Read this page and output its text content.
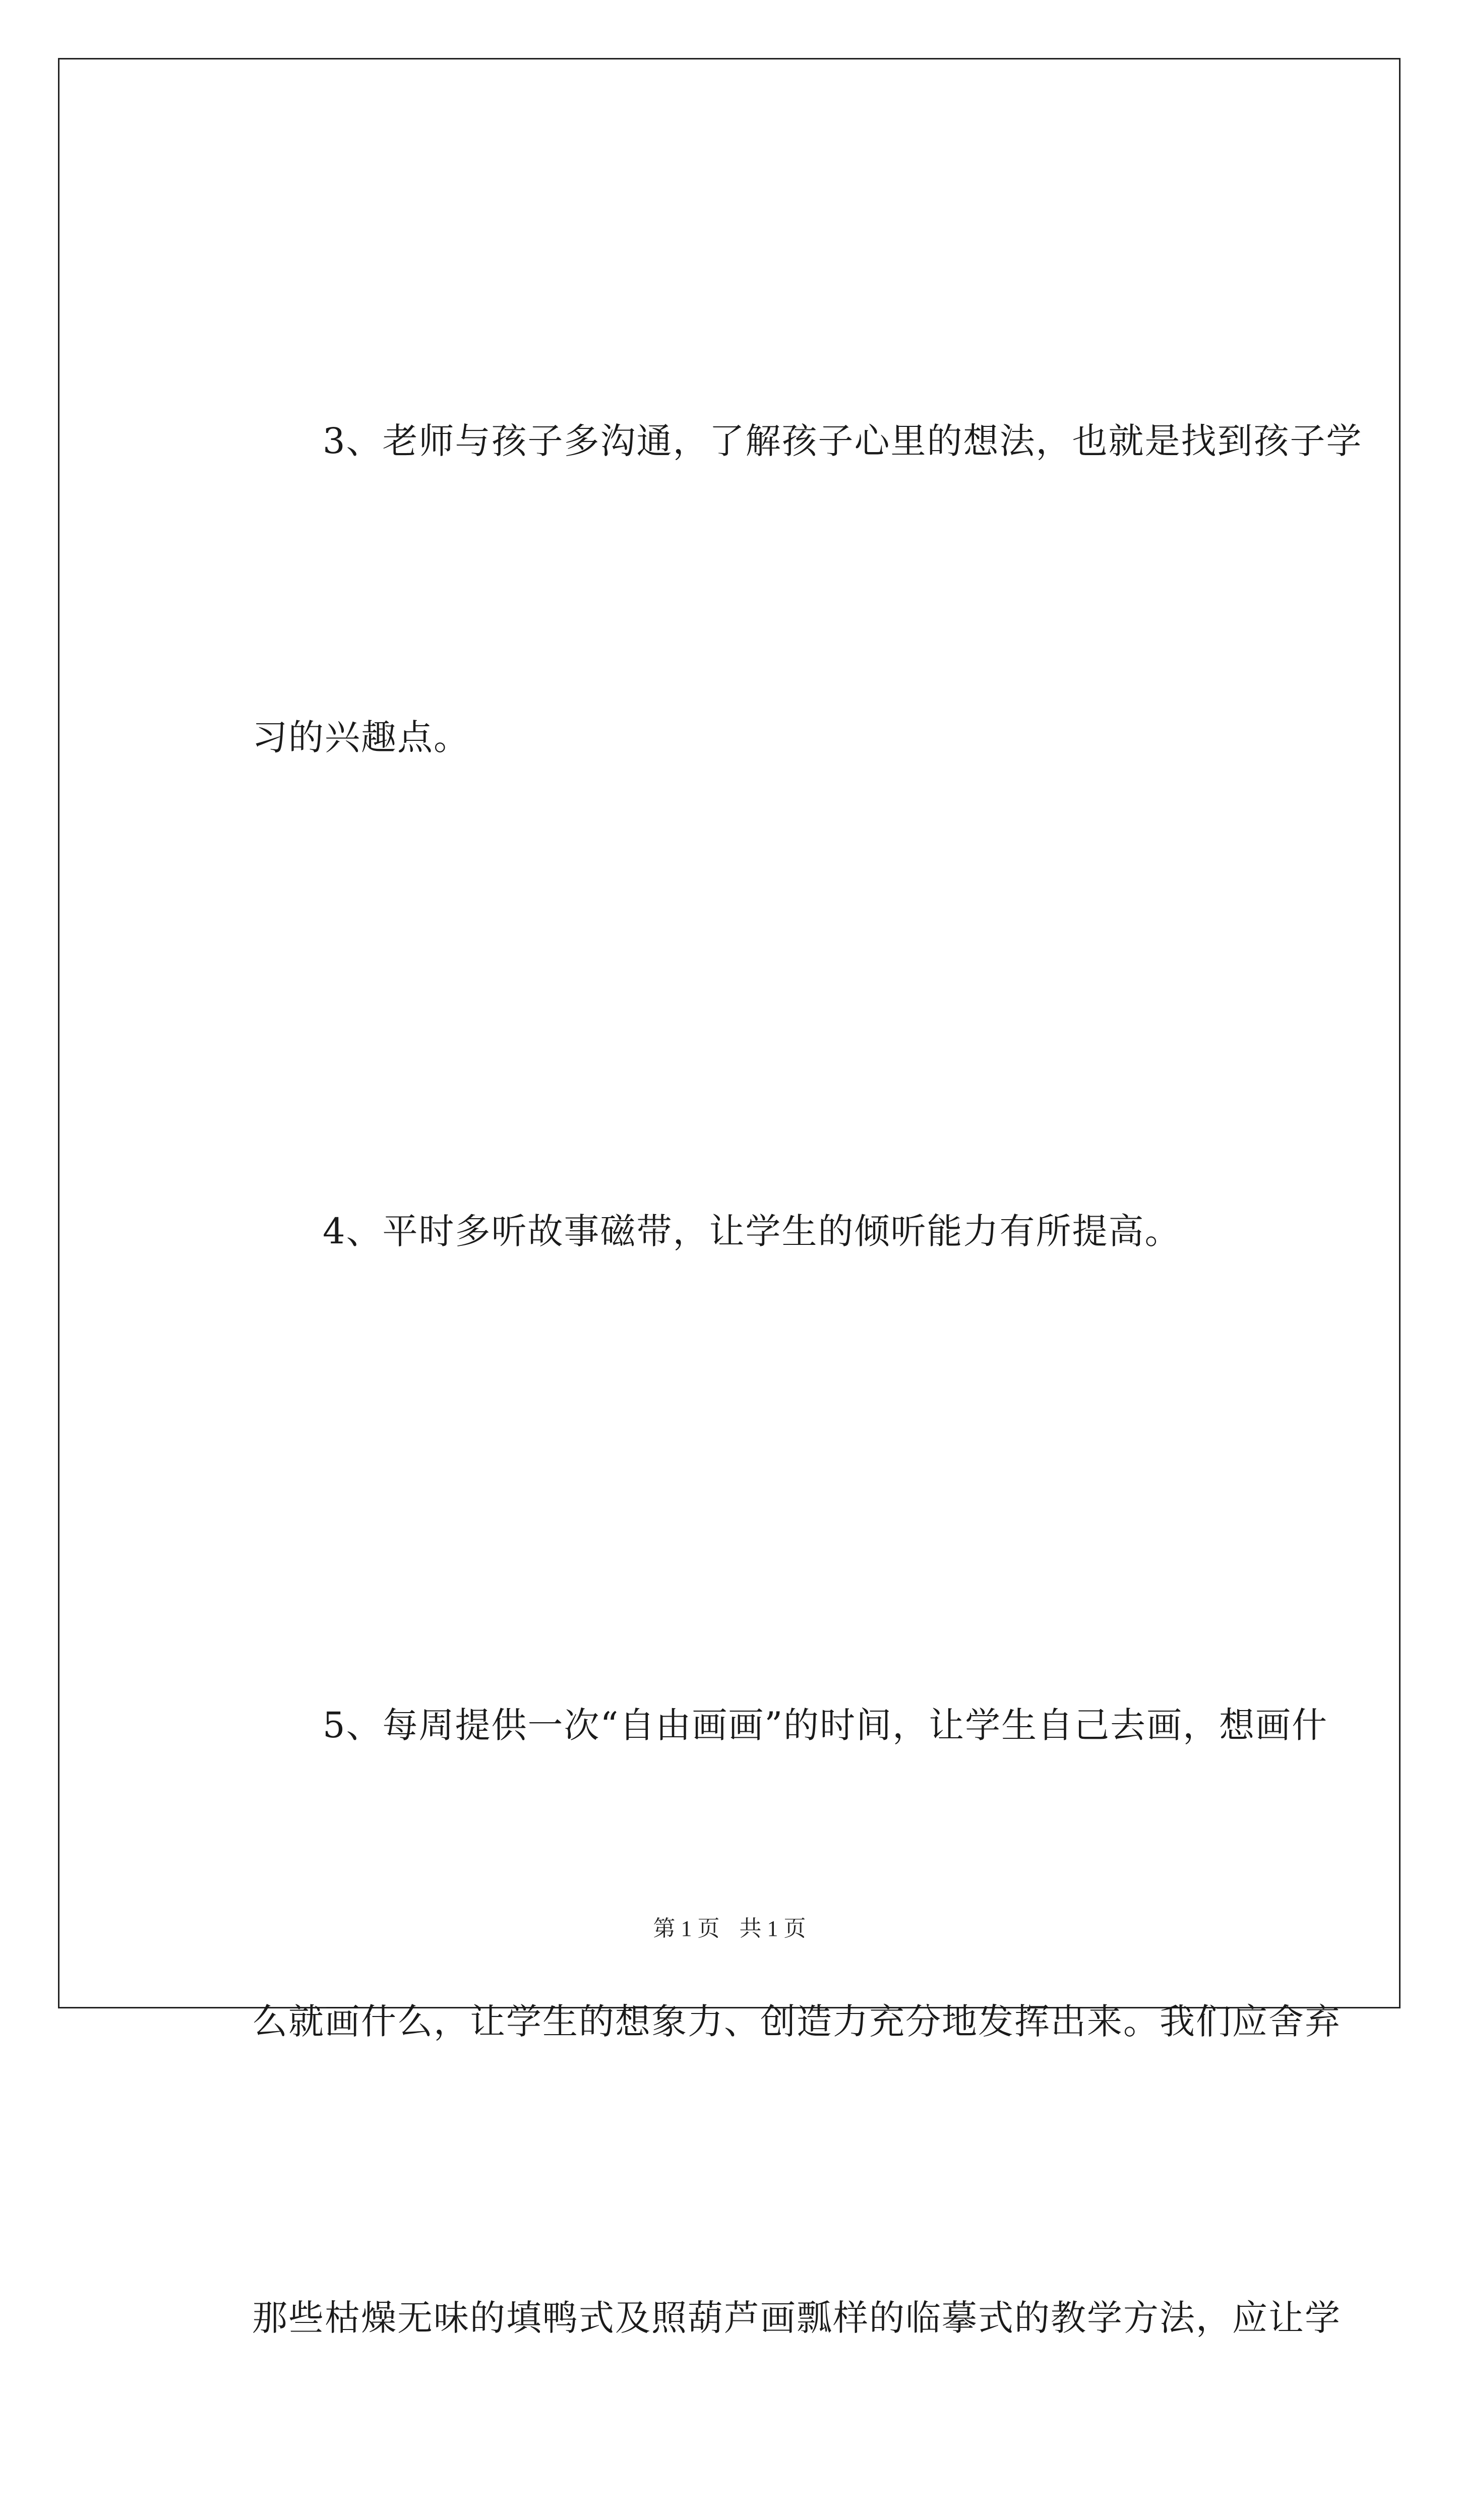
3、老师与孩子多沟通，了解孩子心里的想法，也就是找到孩子学

习的兴趣点。

4、平时多听故事磁带，让学生的倾听能力有所提高。

5、每周提供一次“自由画画”的时间，让学生自己去画，想画什

么就画什么，让学生的想象力、创造力充分地发挥出来。我们应舍弃

那些枯燥无味的填鸭式及照葫芦画瓢样的临摹式的教学方法，应让学

第 1 页 共 1 页
